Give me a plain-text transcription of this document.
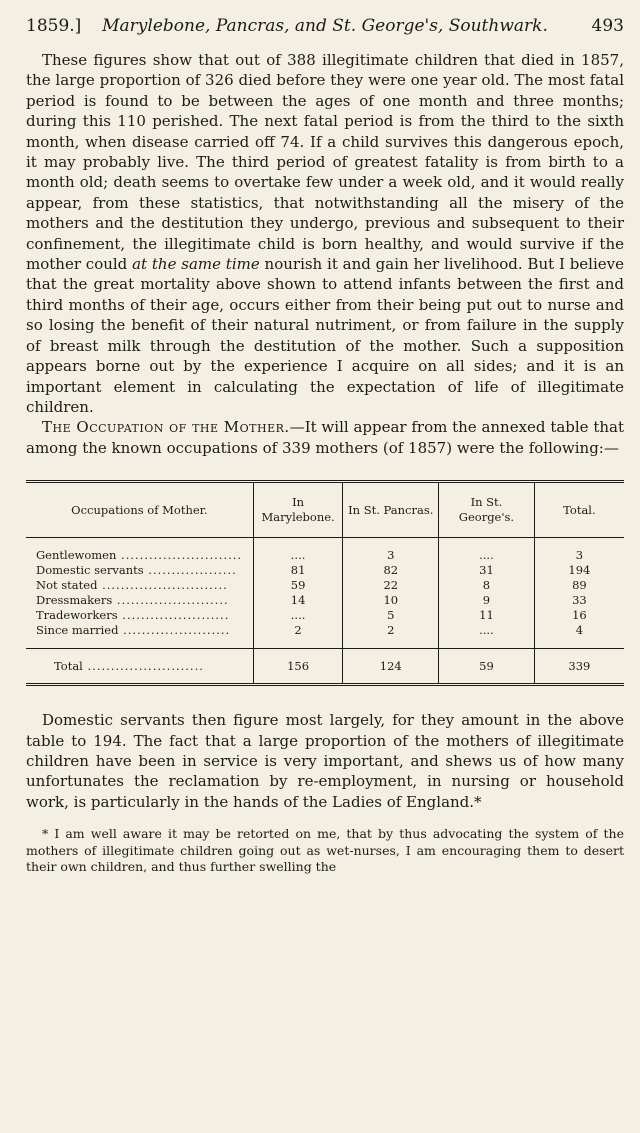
1859.]	Marylebone, Pancras, and St. George's, Southwark.	493

These figures show that out of 388 illegitimate children that died in 1857, the large proportion of 326 died before they were one year old. The most fatal period is found to be between the ages of one month and three months; during this 110 perished. The next fatal period is from the third to the sixth month, when disease carried off 74. If a child survives this dangerous epoch, it may probably live. The third period of greatest fatality is from birth to a month old; death seems to overtake few under a week old, and it would really appear, from these statistics, that notwithstanding all the misery of the mothers and the destitution they undergo, previous and subsequent to their confinement, the illegitimate child is born healthy, and would survive if the mother could at the same time nourish it and gain her livelihood. But I believe that the great mortality above shown to attend infants between the first and third months of their age, occurs either from their being put out to nurse and so losing the benefit of their natural nutriment, or from failure in the supply of breast milk through the destitution of the mother. Such a supposition appears borne out by the experience I acquire on all sides; and it is an important element in calculating the expectation of life of illegitimate children.

The Occupation of the Mother.—It will appear from the annexed table that among the known occupations of 339 mothers (of 1857) were the following:—

Occupations of Mother.	In Marylebone.	In St. Pancras.	In St. George's.	Total.
Gentlewomen ..........................	....	3	....	3
Domestic servants ...................	81	82	31	194
Not stated ...........................	59	22	8	89
Dressmakers ........................	14	10	9	33
Tradeworkers .......................	....	5	11	16
Since married .......................	2	2	....	4
Total .........................	156	124	59	339

Domestic servants then figure most largely, for they amount in the above table to 194. The fact that a large proportion of the mothers of illegitimate children have been in service is very important, and shews us of how many unfortunates the reclamation by re-employment, in nursing or household work, is particularly in the hands of the Ladies of England.*

* I am well aware it may be retorted on me, that by thus advocating the system of the mothers of illegitimate children going out as wet-nurses, I am encouraging them to desert their own children, and thus further swelling the
